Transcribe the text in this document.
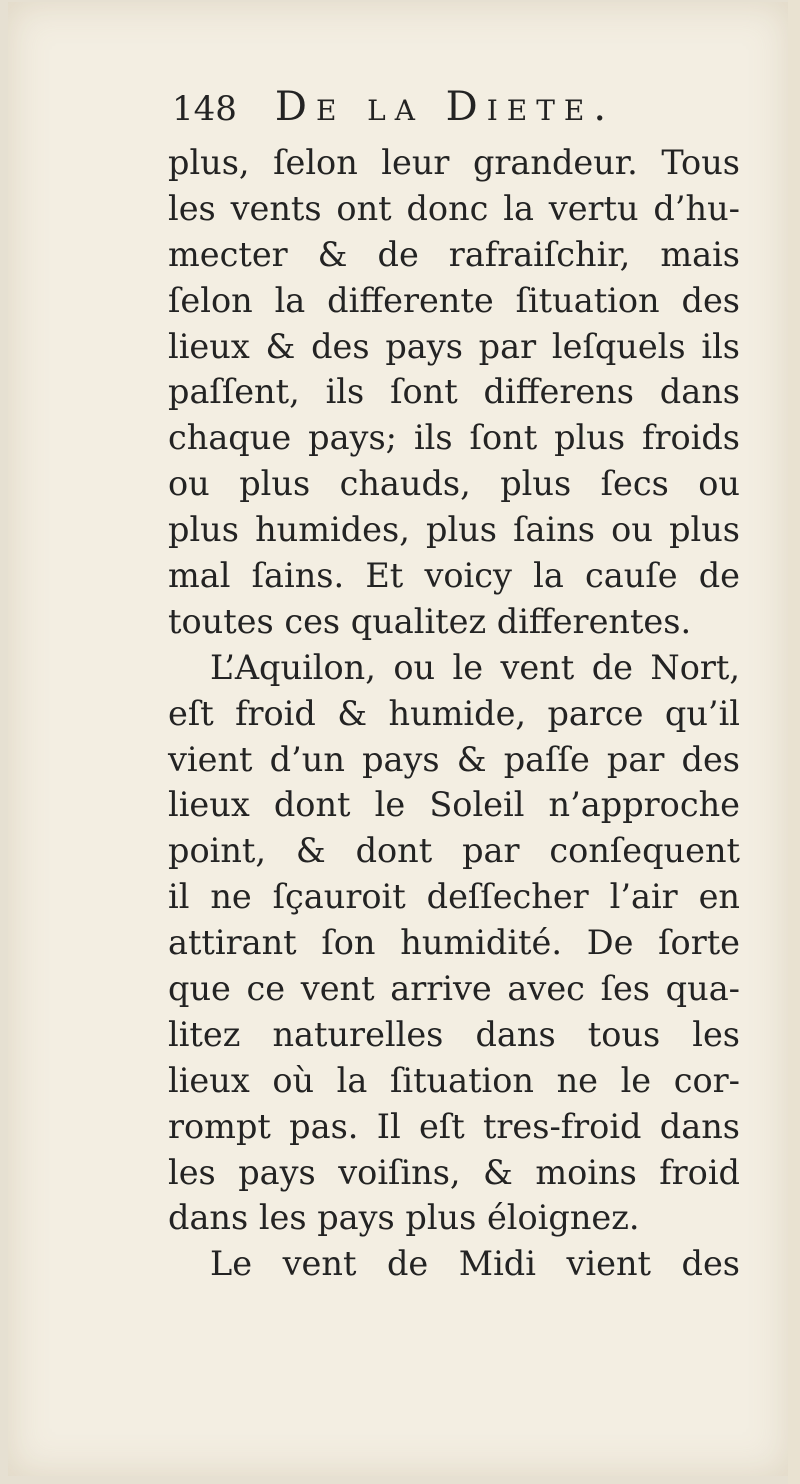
148 De la Diete.
plus, ſelon leur grandeur. Tous
les vents ont donc la vertu d’hu-
mecter & de rafraiſchir, mais
ſelon la differente ſituation des
lieux & des pays par leſquels ils
paſſent, ils ſont differens dans
chaque pays; ils ſont plus froids
ou plus chauds, plus ſecs ou
plus humides, plus ſains ou plus
mal ſains. Et voicy la cauſe de
toutes ces qualitez differentes.
L’Aquilon, ou le vent de Nort,
eſt froid & humide, parce qu’il
vient d’un pays & paſſe par des
lieux dont le Soleil n’approche
point, & dont par conſequent
il ne ſçauroit deſſecher l’air en
attirant ſon humidité. De ſorte
que ce vent arrive avec ſes qua-
litez naturelles dans tous les
lieux où la ſituation ne le cor-
rompt pas. Il eſt tres-froid dans
les pays voiſins, & moins froid
dans les pays plus éloignez.
Le vent de Midi vient des
